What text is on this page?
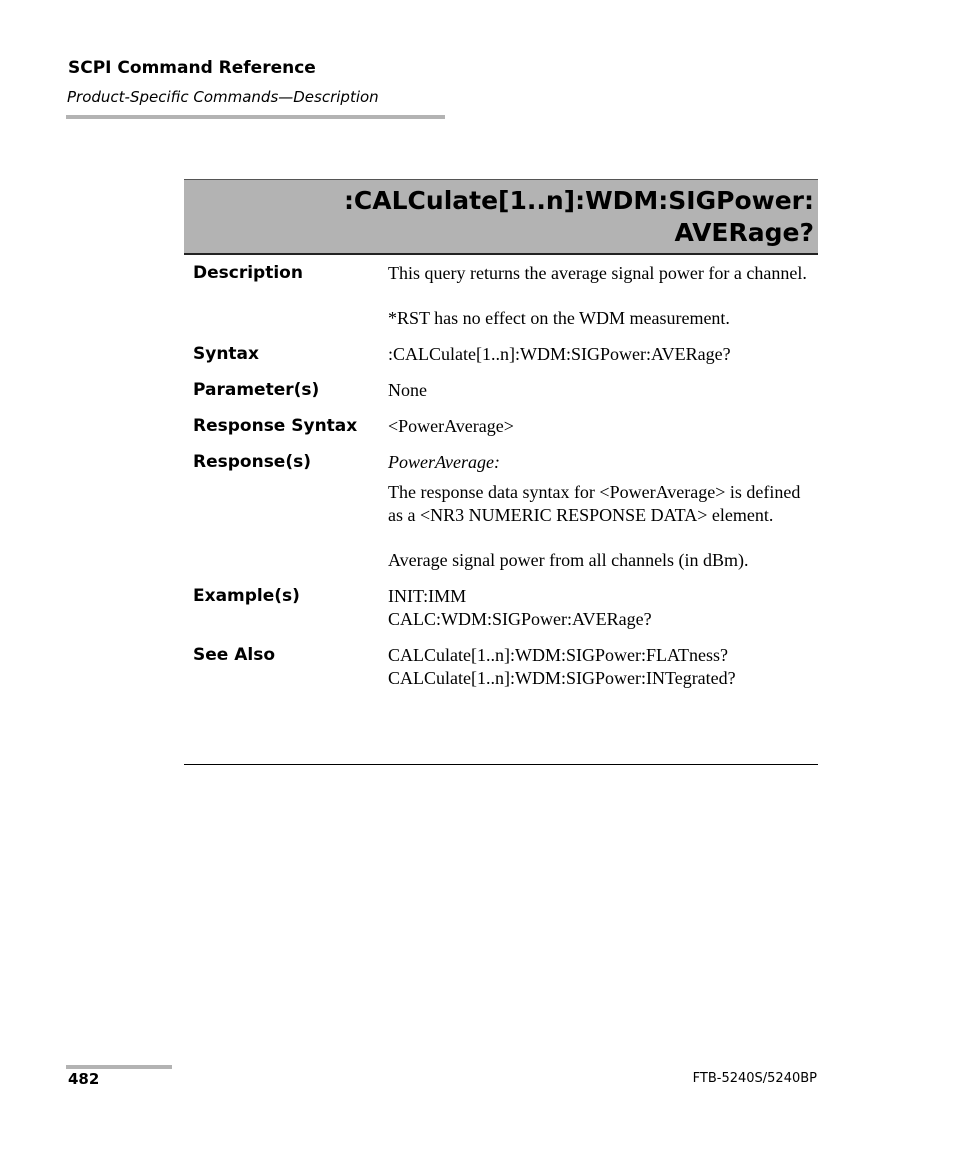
SCPI Command Reference
Product-Specific Commands—Description
:CALCulate[1..n]:WDM:SIGPower:
AVERage?
Description	This query returns the average signal power for a channel.

*RST has no effect on the WDM measurement.

Syntax	:CALCulate[1..n]:WDM:SIGPower:AVERage?
Parameter(s)	None
Response Syntax	<PowerAverage>
Response(s)	PowerAverage:

The response data syntax for <PowerAverage> is defined as a <NR3 NUMERIC RESPONSE DATA> element.

Average signal power from all channels (in dBm).

Example(s)	INIT:IMM

CALC:WDM:SIGPower:AVERage?

See Also	CALCulate[1..n]:WDM:SIGPower:FLATness?

CALCulate[1..n]:WDM:SIGPower:INTegrated?

482	FTB-5240S/5240BP
